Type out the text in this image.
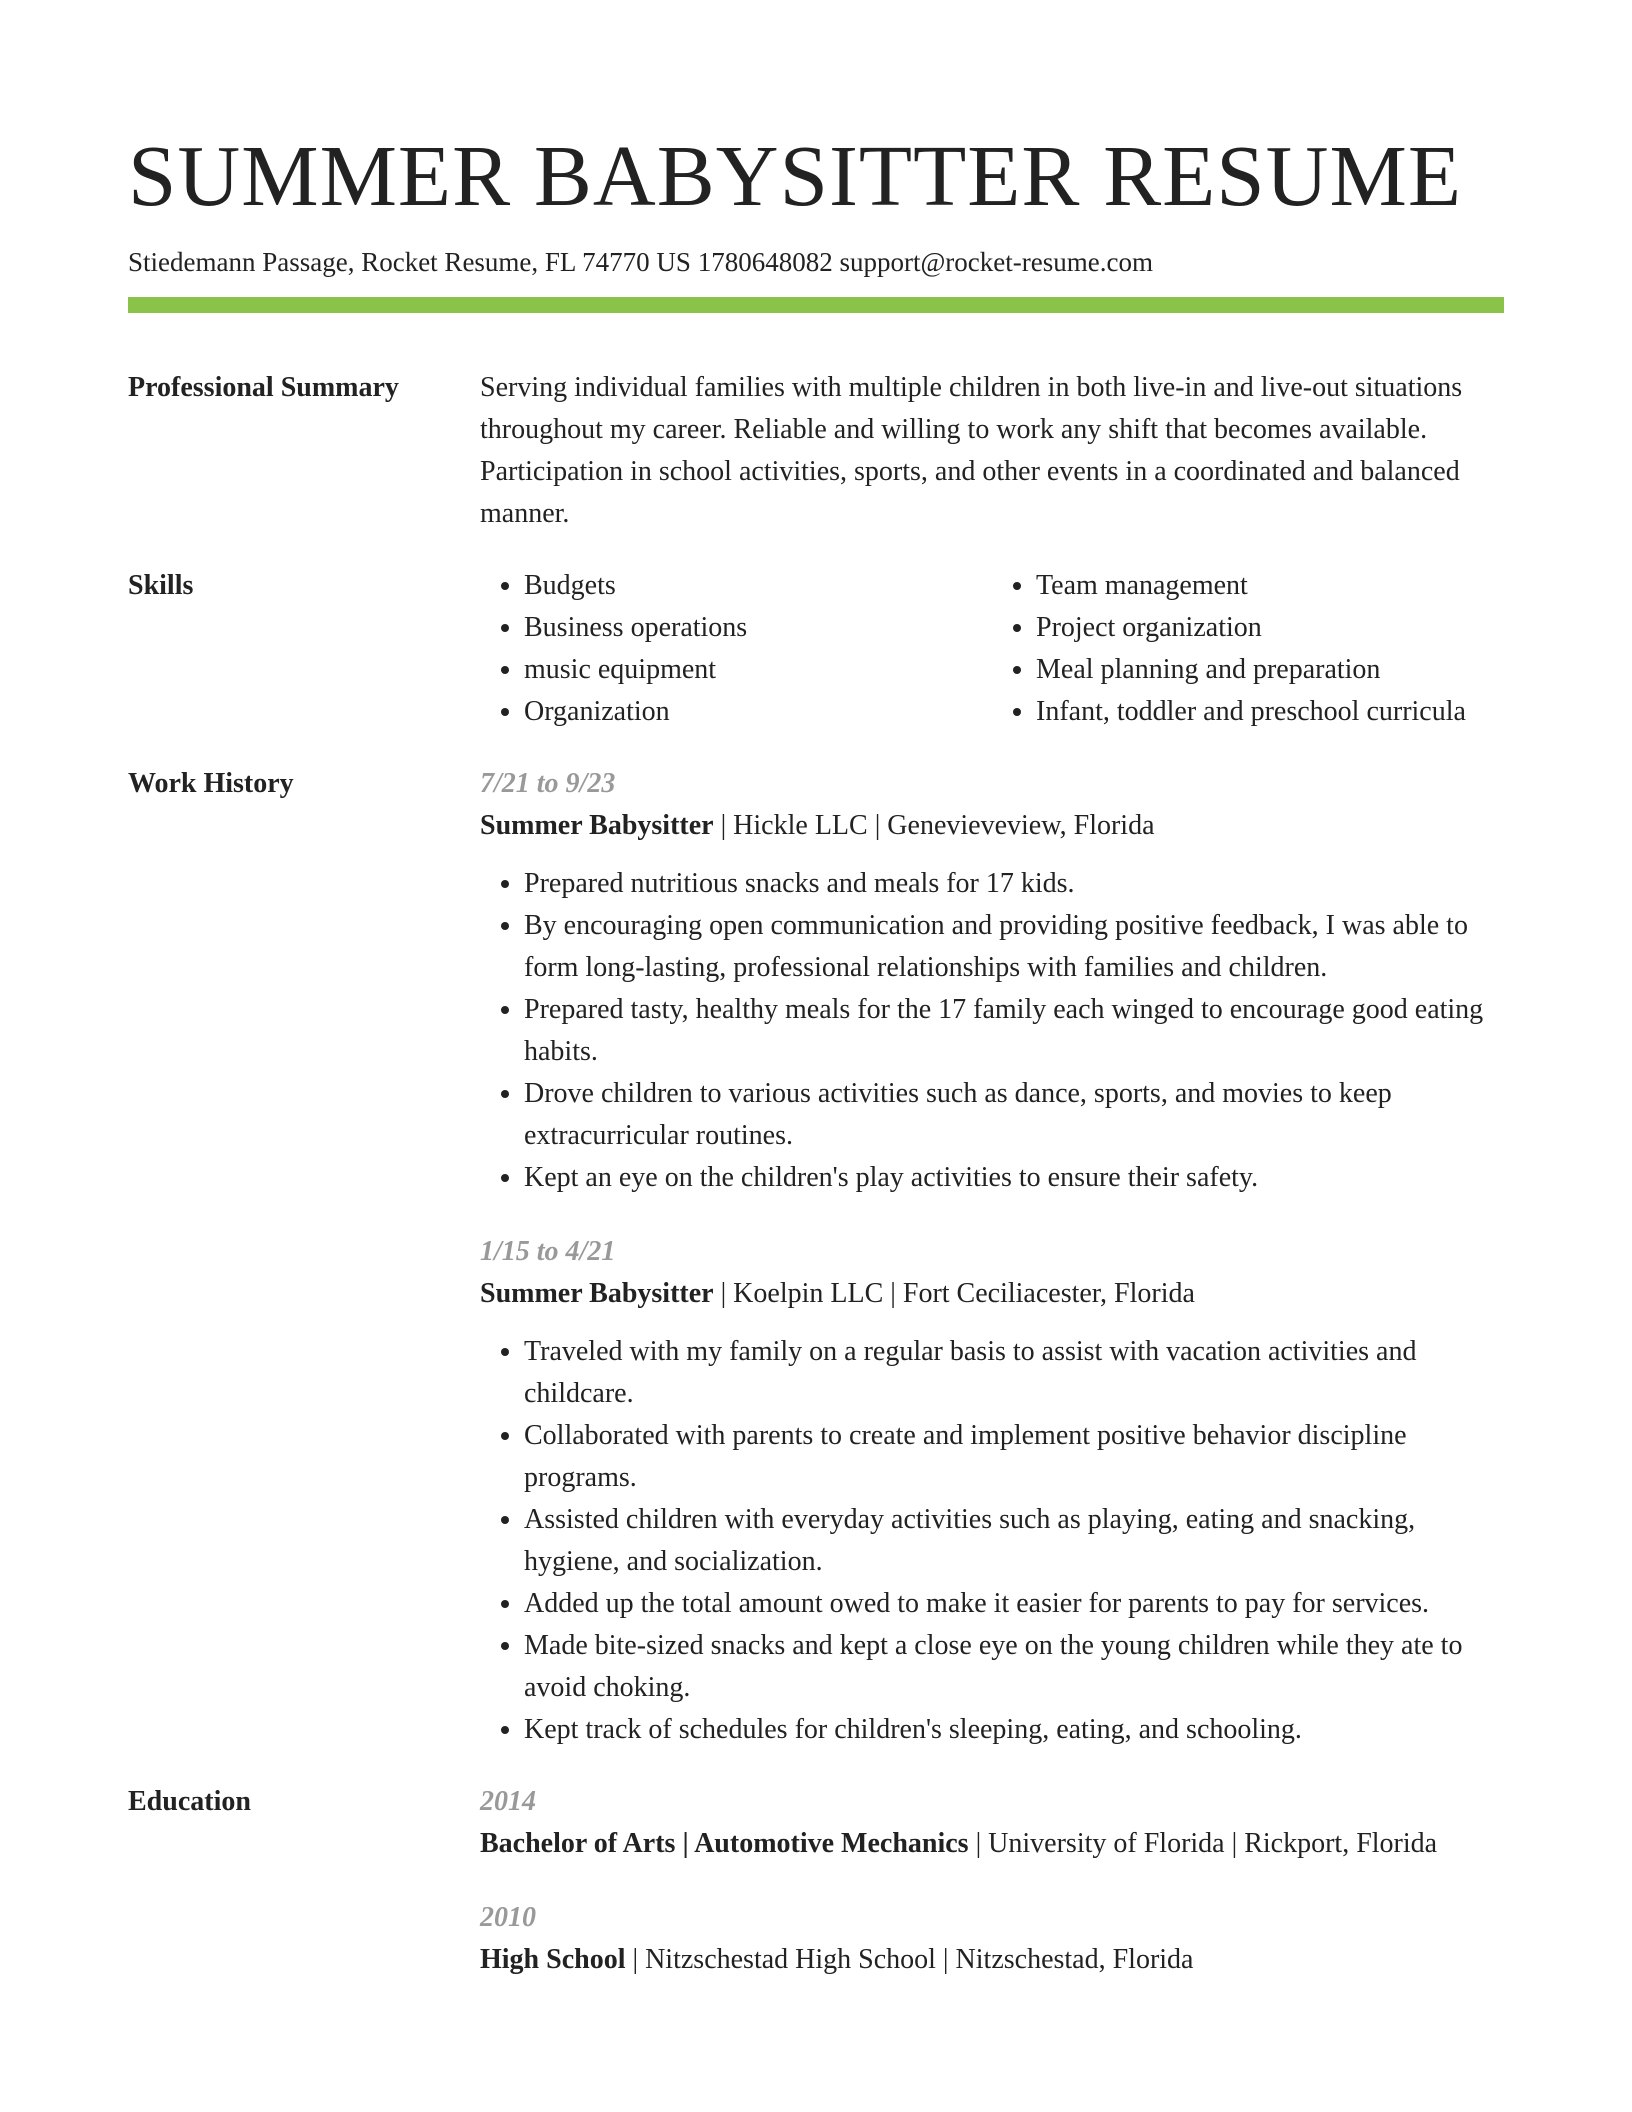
SUMMER BABYSITTER RESUME
Stiedemann Passage, Rocket Resume, FL 74770 US 1780648082 support@rocket-resume.com
Professional Summary	Serving individual families with multiple children in both live-in and live-out situations throughout my career. Reliable and willing to work any shift that becomes available. Participation in school activities, sports, and other events in a coordinated and balanced manner.

Skills
•	Budgets
• Business operations
• music equipment
• Organization
• Team management
• Project organization
• Meal planning and preparation
• Infant, toddler and preschool curricula
Work History	7/21 to 9/23
Summer Babysitter | Hickle LLC | Genevieveview, Florida
• Prepared nutritious snacks and meals for 17 kids.
• By encouraging open communication and providing positive feedback, I was able to form long-lasting, professional relationships with families and children.
• Prepared tasty, healthy meals for the 17 family each winged to encourage good eating habits.
• Drove children to various activities such as dance, sports, and movies to keep extracurricular routines.
• Kept an eye on the children's play activities to ensure their safety.
1/15 to 4/21
Summer Babysitter | Koelpin LLC | Fort Ceciliacester, Florida
• Traveled with my family on a regular basis to assist with vacation activities and childcare.
• Collaborated with parents to create and implement positive behavior discipline programs.
• Assisted children with everyday activities such as playing, eating and snacking, hygiene, and socialization.
• Added up the total amount owed to make it easier for parents to pay for services.
• Made bite-sized snacks and kept a close eye on the young children while they ate to avoid choking.
• Kept track of schedules for children's sleeping, eating, and schooling.
Education	2014
Bachelor of Arts | Automotive Mechanics | University of Florida | Rickport, Florida
2010
High School | Nitzschestad High School | Nitzschestad, Florida
